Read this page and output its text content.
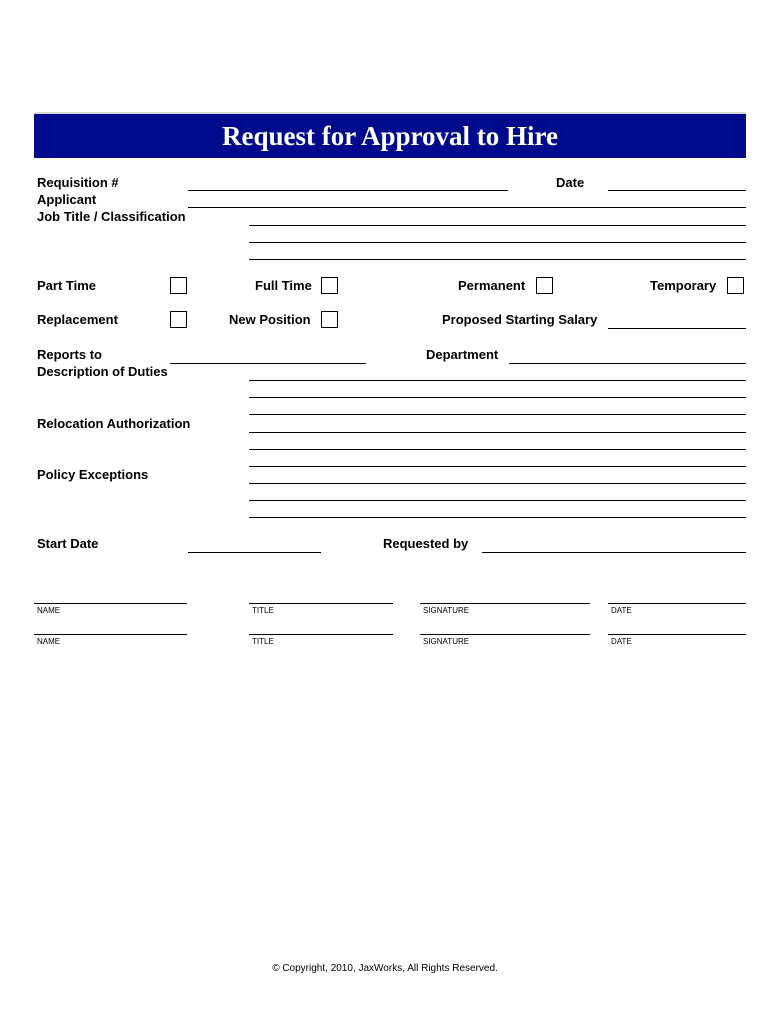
Request for Approval to Hire
Requisition #	Date
Applicant
Job Title / Classification
Part Time	Full Time	Permanent	Temporary
Replacement	New Position	Proposed Starting Salary
Reports to	Department
Description of Duties
Relocation Authorization
Policy Exceptions
Start Date	Requested by
NAME	TITLE	SIGNATURE	DATE
NAME	TITLE	SIGNATURE	DATE
© Copyright, 2010, JaxWorks, All Rights Reserved.
